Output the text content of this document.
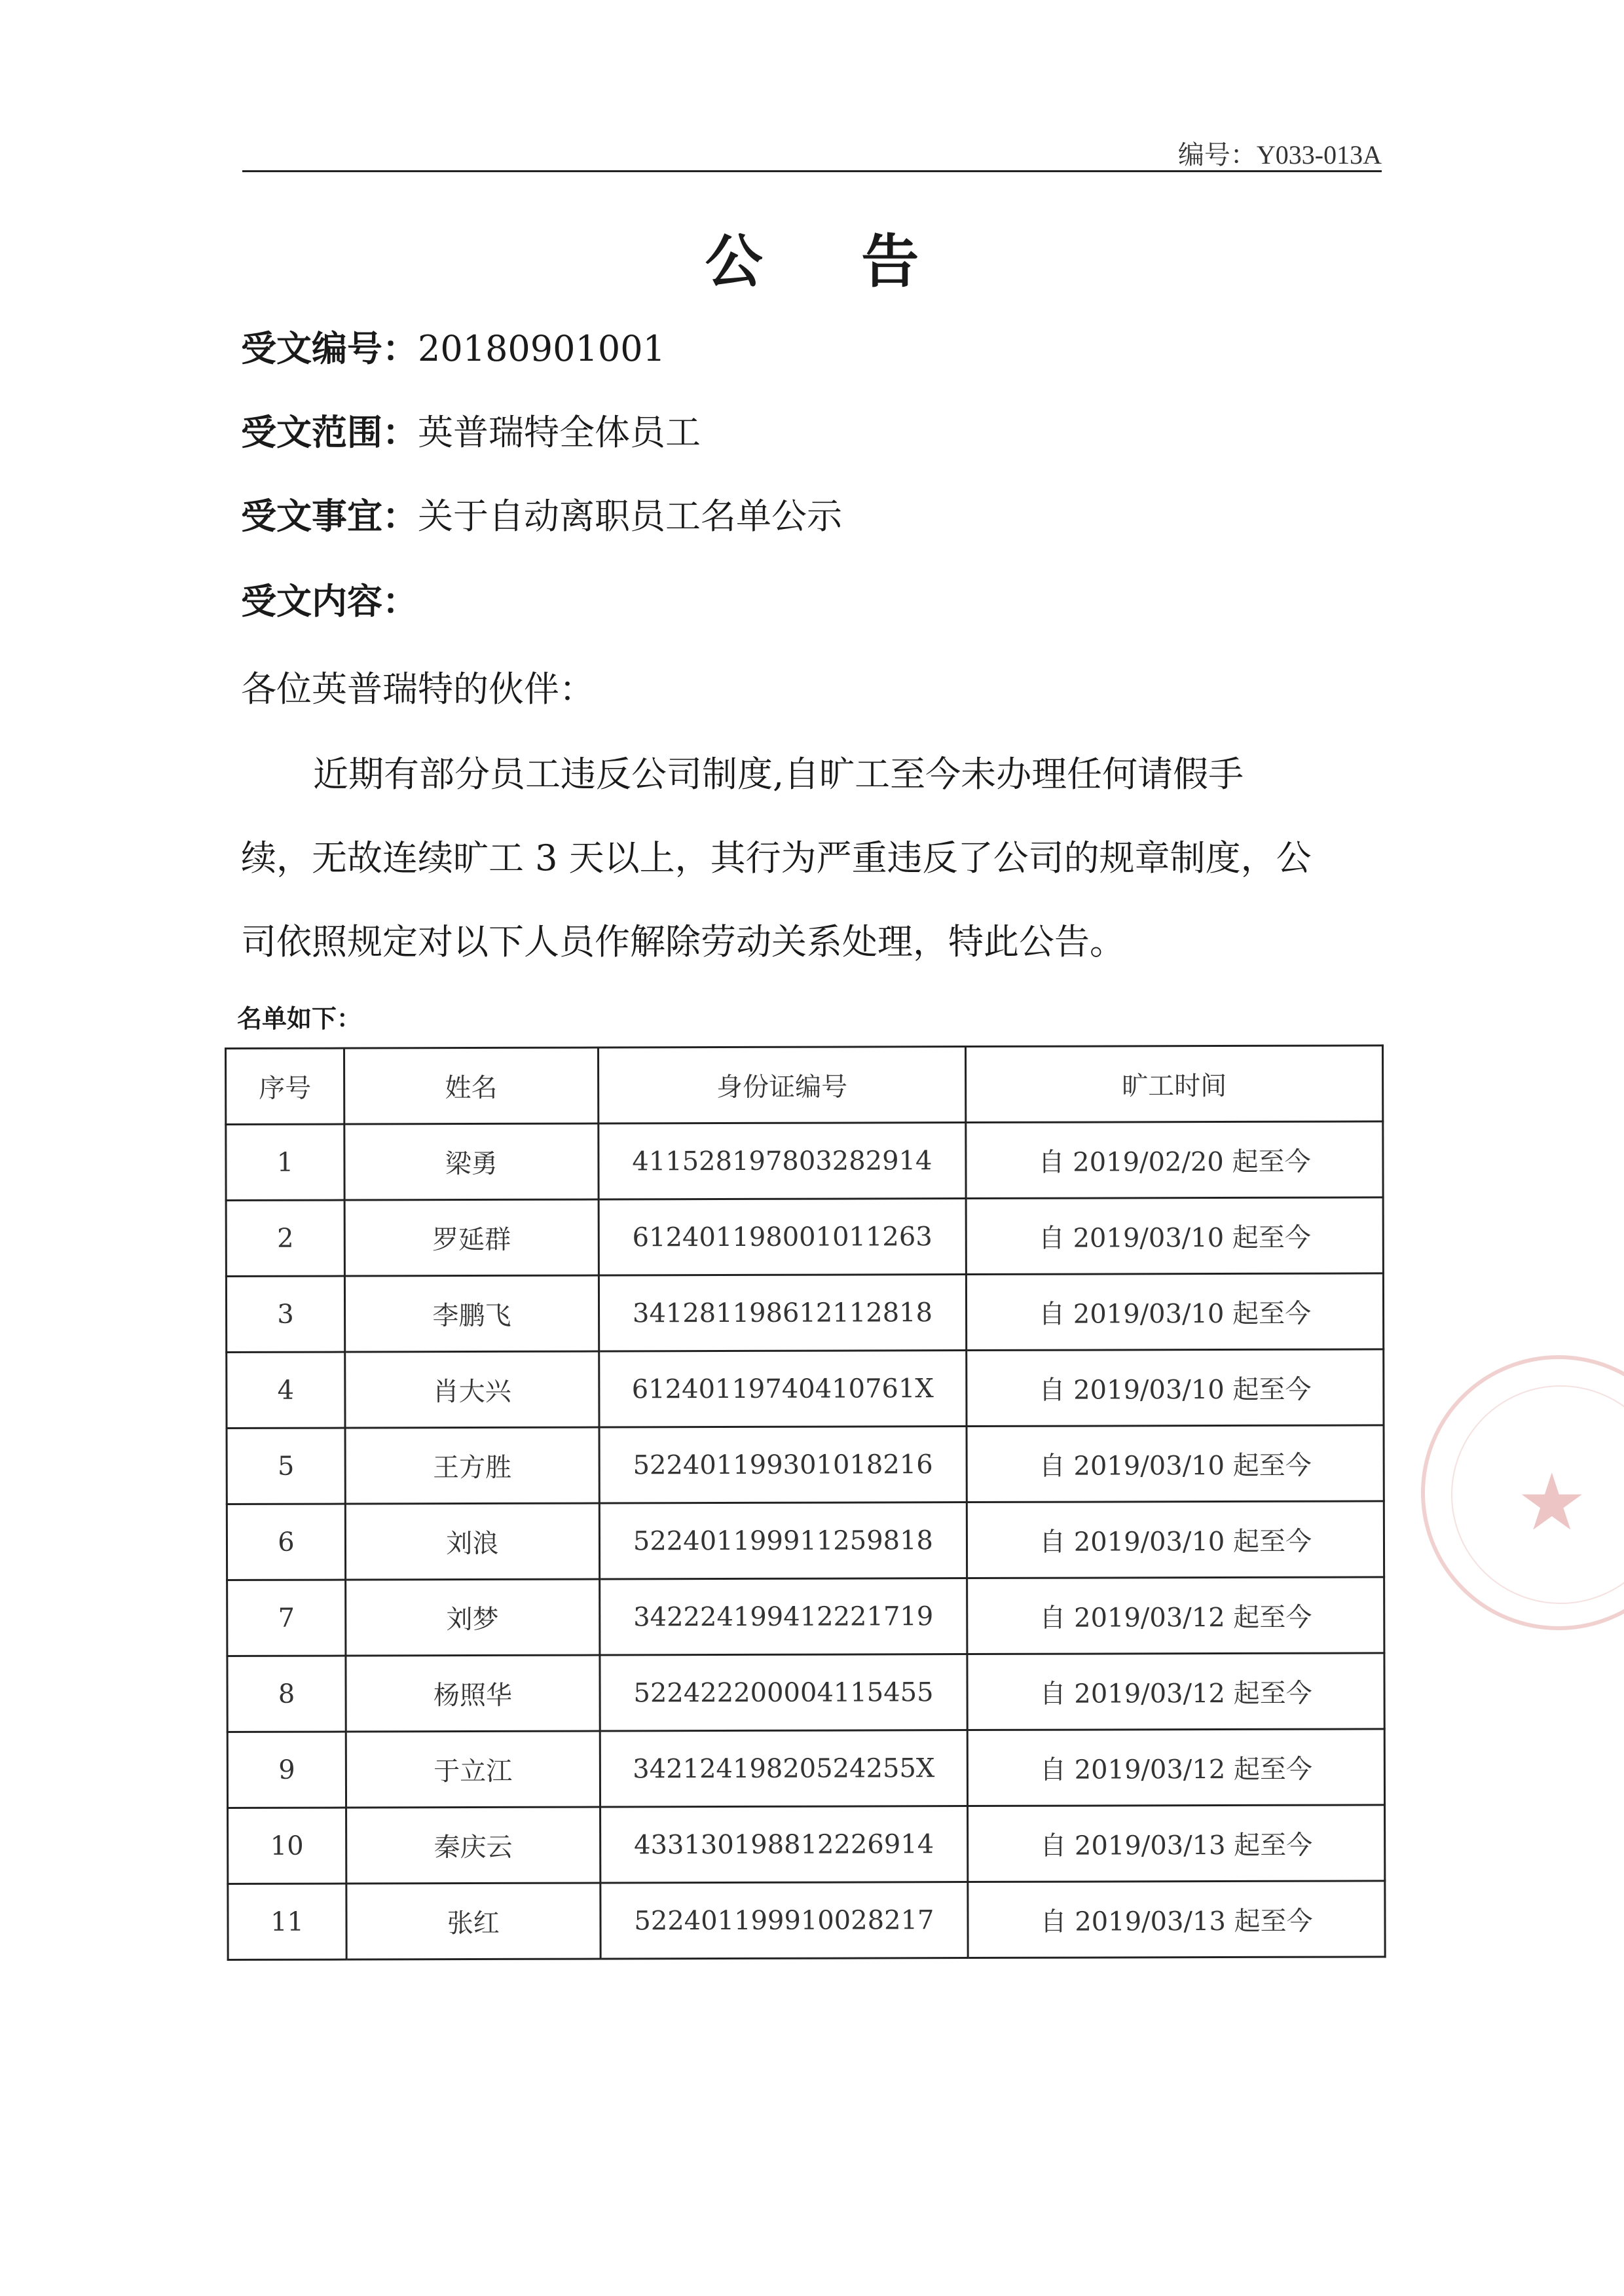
编号：Y033-013A
公 告
受文编号：20180901001
受文范围：英普瑞特全体员工
受文事宜：关于自动离职员工名单公示
受文内容：
各位英普瑞特的伙伴：
近期有部分员工违反公司制度,自旷工至今未办理任何请假手
续，无故连续旷工 3 天以上，其行为严重违反了公司的规章制度，公
司依照规定对以下人员作解除劳动关系处理，特此公告。
名单如下：
序号	姓名	身份证编号	旷工时间
1	梁勇	411528197803282914	自 2019/02/20 起至今
2	罗延群	612401198001011263	自 2019/03/10 起至今
3	李鹏飞	341281198612112818	自 2019/03/10 起至今
4	肖大兴	61240119740410761X	自 2019/03/10 起至今
5	王方胜	522401199301018216	自 2019/03/10 起至今
6	刘浪	522401199911259818	自 2019/03/10 起至今
7	刘梦	342224199412221719	自 2019/03/12 起至今
8	杨照华	522422200004115455	自 2019/03/12 起至今
9	于立江	34212419820524255X	自 2019/03/12 起至今
10	秦庆云	433130198812226914	自 2019/03/13 起至今
11	张红	522401199910028217	自 2019/03/13 起至今
★
